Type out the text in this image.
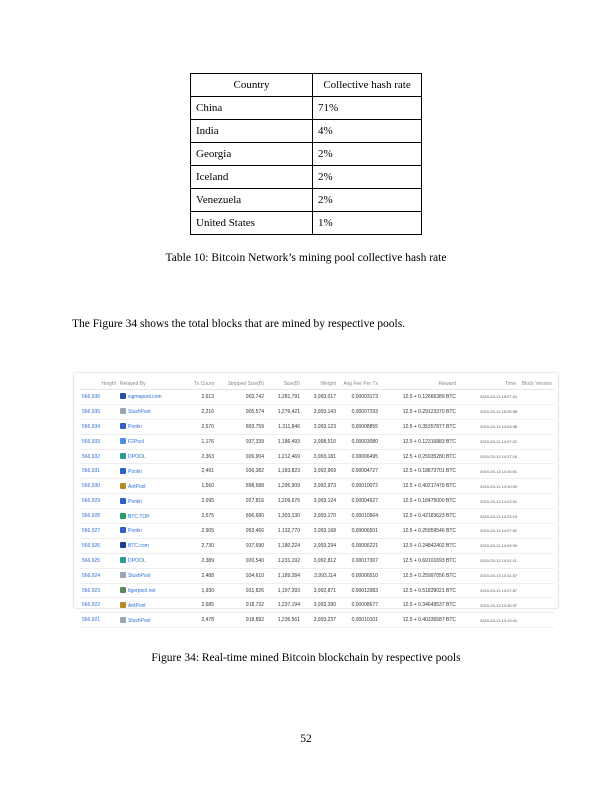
Country	Collective hash rate
China	71%
India	4%
Georgia	2%
Iceland	2%
Venezuela	2%
United States	1%
Table 10: Bitcoin Network’s mining pool collective hash rate
The Figure 34 shows the total blocks that are mined by respective pools.
Height	Relayed By	Tx Count	Stripped Size(B)	Size(B)	Weight	Avg Fee Per Tx	Reward	Time	Block Version
566,936	sigmapool.com	2,613	903,742	1,281,791	3,993,017	0.00003173	12.5 + 0.12666389 BTC	2019-03-13 15:07:24	
566,935	SlushPool	2,216	905,574	1,276,421	3,993,143	0.00007293	12.5 + 0.29123370 BTC	2019-03-13 15:05:58	
566,934	Poolin	2,570	893,759	1,311,846	3,993,123	0.00008855	12.5 + 0.35357877 BTC	2019-03-13 14:53:38	
566,933	F2Pool	1,176	937,339	1,186,493	3,998,510	0.00003080	12.5 + 0.12316883 BTC	2019-03-13 14:37:22	
566,932	DPOOL	2,363	926,904	1,212,469	3,993,181	0.00006495	12.5 + 0.25935280 BTC	2019-03-13 14:37:16	
566,931	Poolin	2,491	936,382	1,183,823	3,992,969	0.00004727	12.5 + 0.18873701 BTC	2019-03-13 14:30:51	
566,930	AntPool	1,560	898,688	1,296,909	3,992,973	0.00010072	12.5 + 0.40217479 BTC	2019-03-13 14:30:09	
566,929	Poolin	2,095	927,816	1,209,676	3,993,124	0.00004627	12.5 + 0.18475000 BTC	2019-03-13 14:23:51	
566,928	BTC.TOP	2,575	896,680	1,303,130	3,993,170	0.00010564	12.5 + 0.42183623 BTC	2019-03-13 14:23:19	
566,927	Poolin	2,905	953,466	1,132,770	3,993,168	0.00006501	12.5 + 0.25959546 BTC	2019-03-13 14:07:52	
566,926	BTC.com	2,730	937,690	1,180,224	3,993,294	0.00006221	12.5 + 0.24842402 BTC	2019-03-13 14:03:09	
566,925	DPOOL	2,389	920,540	1,231,192	3,992,812	0.00017307	12.5 + 0.69101693 BTC	2019-03-13 14:01:11	
566,924	SlushPool	2,488	934,610	1,189,284	3,993,114	0.00006510	12.5 + 0.25997056 BTC	2019-03-13 13:41:57	
566,923	tigerpool.net	1,930	931,826	1,197,393	3,992,871	0.00012983	12.5 + 0.51839021 BTC	2019-03-13 13:37:57	
566,922	AntPool	2,685	918,732	1,237,194	3,993,390	0.00008677	12.5 + 0.34649537 BTC	2019-03-13 13:30:37	
566,921	SlushPool	2,478	918,892	1,236,561	3,993,237	0.00010101	12.5 + 0.40336587 BTC	2019-03-13 13:19:41	
Figure 34: Real-time mined Bitcoin blockchain by respective pools
52
